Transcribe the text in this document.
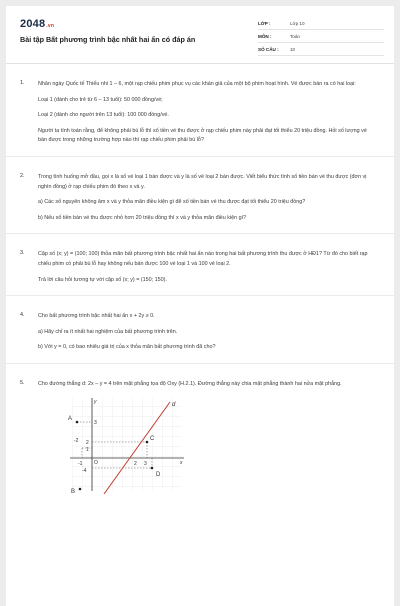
2048.vn
Bài tập Bất phương trình bậc nhất hai ẩn có đáp án
LỚP :	Lớp 10
MÔN :	Toán
SỐ CÂU :	10
1.	Nhân ngày Quốc tế Thiếu nhi 1 – 6, một rạp chiếu phim phục vụ các khán giả của một bộ phim hoạt hình. Vé được bán ra có hai loại:

Loại 1 (dành cho trẻ từ 6 – 13 tuổi): 50 000 đồng/vé;

Loại 2 (dành cho người trên 13 tuổi): 100 000 đồng/vé.

Người ta tính toán rằng, để không phải bù lỗ thì số tiền vé thu được ở rạp chiếu phim này phải đạt tối thiểu 20 triệu đồng. Hỏi số lượng vé bán được trong những trường hợp nào thì rạp chiếu phim phải bù lỗ?

2.	Trong tình huống mở đầu, gọi x là số vé loại 1 bán được và y là số vé loại 2 bán được. Viết biểu thức tính số tiền bán vé thu được (đơn vị nghìn đồng) ở rạp chiếu phim đó theo x và y.

a) Các số nguyên không âm x và y thỏa mãn điều kiện gì để số tiền bán vé thu được đạt tối thiểu 20 triệu đồng?

b) Nếu số tiền bán vé thu được nhỏ hơn 20 triệu đồng thì x và y thỏa mãn điều kiện gì?

3.	Cặp số (x; y) = (100; 100) thỏa mãn bất phương trình bậc nhất hai ẩn nào trong hai bất phương trình thu được ở HĐ1? Từ đó cho biết rạp chiếu phim có phải bù lỗ hay không nếu bán được 100 vé loại 1 và 100 vé loại 2.

Trả lời câu hỏi tương tự với cặp số (x; y) = (150; 150).

4.	Cho bất phương trình bậc nhất hai ẩn x + 2y ≥ 0.

a) Hãy chỉ ra ít nhất hai nghiệm của bất phương trình trên.

b) Với y = 0, có bao nhiêu giá trị của x thỏa mãn bất phương trình đã cho?

5.	Cho đường thẳng d: 2x – y = 4 trên mặt phẳng tọa độ Oxy (H.2.1). Đường thẳng này chia mặt phẳng thành hai nửa mặt phẳng.

d
A
C
D
B
O	x
y
3
2
1
-2
-1	2 3
-4
